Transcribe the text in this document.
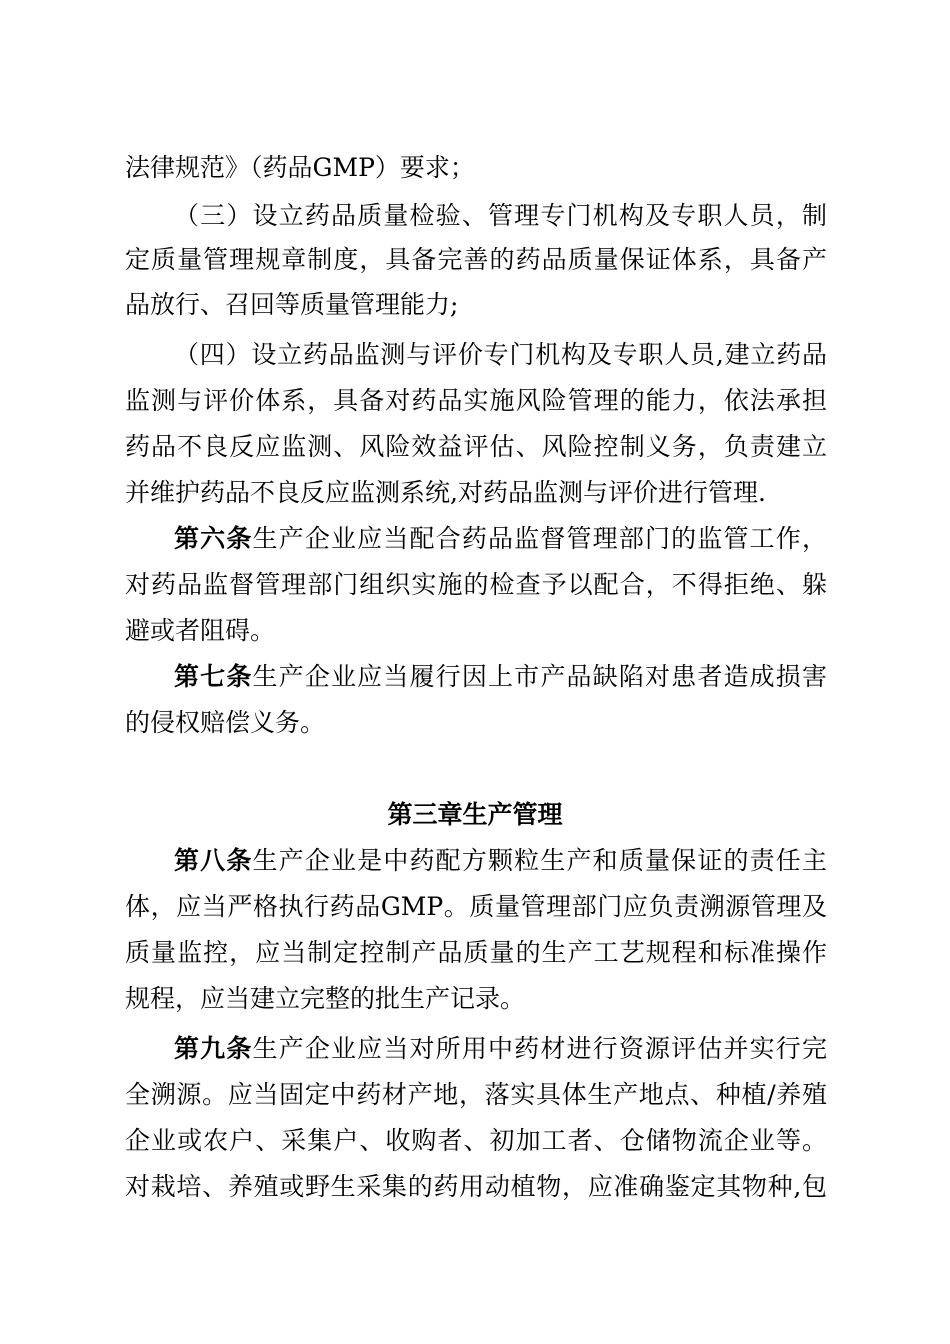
法律规范》（药品GMP）要求；
（三）设立药品质量检验、管理专门机构及专职人员，制
定质量管理规章制度，具备完善的药品质量保证体系，具备产
品放行、召回等质量管理能力;
（四）设立药品监测与评价专门机构及专职人员,建立药品
监测与评价体系，具备对药品实施风险管理的能力，依法承担
药品不良反应监测、风险效益评估、风险控制义务，负责建立
并维护药品不良反应监测系统,对药品监测与评价进行管理.
第六条生产企业应当配合药品监督管理部门的监管工作，
对药品监督管理部门组织实施的检查予以配合，不得拒绝、躲
避或者阻碍。
第七条生产企业应当履行因上市产品缺陷对患者造成损害
的侵权赔偿义务。
第三章生产管理
第八条生产企业是中药配方颗粒生产和质量保证的责任主
体，应当严格执行药品GMP。质量管理部门应负责溯源管理及
质量监控，应当制定控制产品质量的生产工艺规程和标准操作
规程，应当建立完整的批生产记录。
第九条生产企业应当对所用中药材进行资源评估并实行完
全溯源。应当固定中药材产地，落实具体生产地点、种植/养殖
企业或农户、采集户、收购者、初加工者、仓储物流企业等。
对栽培、养殖或野生采集的药用动植物，应准确鉴定其物种,包
